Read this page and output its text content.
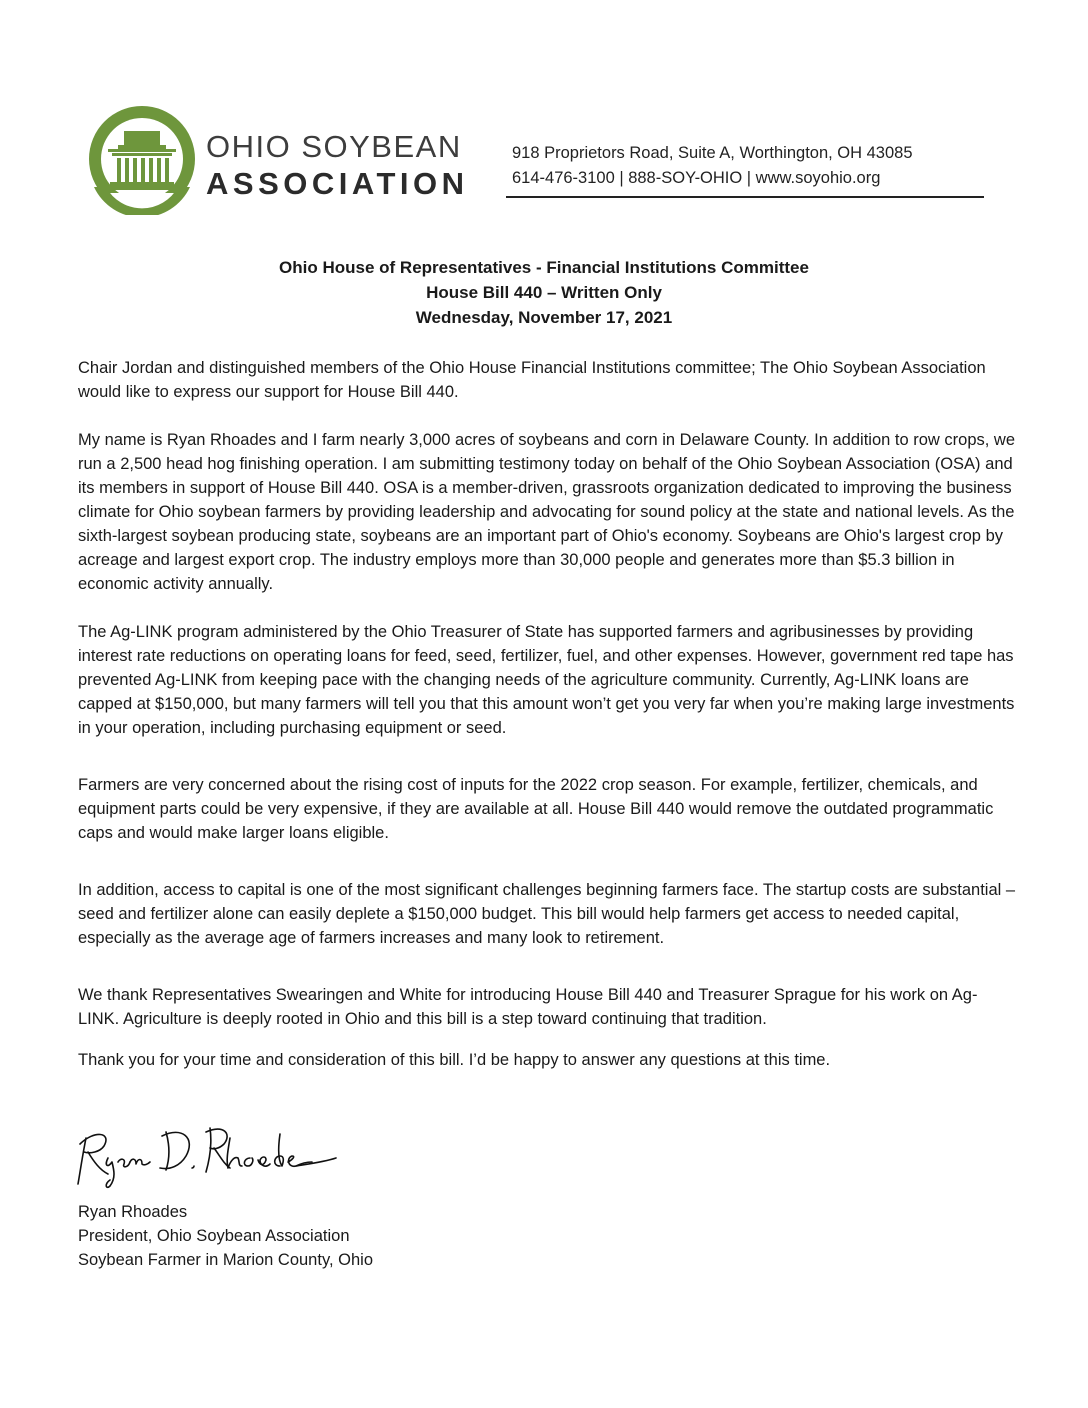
OHIO SOYBEAN
ASSOCIATION
918 Proprietors Road, Suite A, Worthington, OH 43085
614-476-3100 | 888-SOY-OHIO | www.soyohio.org
Ohio House of Representatives - Financial Institutions Committee
House Bill 440 – Written Only
Wednesday, November 17, 2021

Chair Jordan and distinguished members of the Ohio House Financial Institutions committee; The Ohio Soybean Association would like to express our support for House Bill 440.

My name is Ryan Rhoades and I farm nearly 3,000 acres of soybeans and corn in Delaware County. In addition to row crops, we run a 2,500 head hog finishing operation. I am submitting testimony today on behalf of the Ohio Soybean Association (OSA) and its members in support of House Bill 440. OSA is a member-driven, grassroots organization dedicated to improving the business climate for Ohio soybean farmers by providing leadership and advocating for sound policy at the state and national levels. As the sixth-largest soybean producing state, soybeans are an important part of Ohio's economy. Soybeans are Ohio's largest crop by acreage and largest export crop. The industry employs more than 30,000 people and generates more than $5.3 billion in economic activity annually.

The Ag-LINK program administered by the Ohio Treasurer of State has supported farmers and agribusinesses by providing interest rate reductions on operating loans for feed, seed, fertilizer, fuel, and other expenses. However, government red tape has prevented Ag-LINK from keeping pace with the changing needs of the agriculture community. Currently, Ag-LINK loans are capped at $150,000, but many farmers will tell you that this amount won’t get you very far when you’re making large investments in your operation, including purchasing equipment or seed.

Farmers are very concerned about the rising cost of inputs for the 2022 crop season. For example, fertilizer, chemicals, and equipment parts could be very expensive, if they are available at all. House Bill 440 would remove the outdated programmatic caps and would make larger loans eligible.

In addition, access to capital is one of the most significant challenges beginning farmers face. The startup costs are substantial – seed and fertilizer alone can easily deplete a $150,000 budget. This bill would help farmers get access to needed capital, especially as the average age of farmers increases and many look to retirement.

We thank Representatives Swearingen and White for introducing House Bill 440 and Treasurer Sprague for his work on Ag-LINK. Agriculture is deeply rooted in Ohio and this bill is a step toward continuing that tradition.

Thank you for your time and consideration of this bill. I’d be happy to answer any questions at this time.

Ryan Rhoades
President, Ohio Soybean Association
Soybean Farmer in Marion County, Ohio
